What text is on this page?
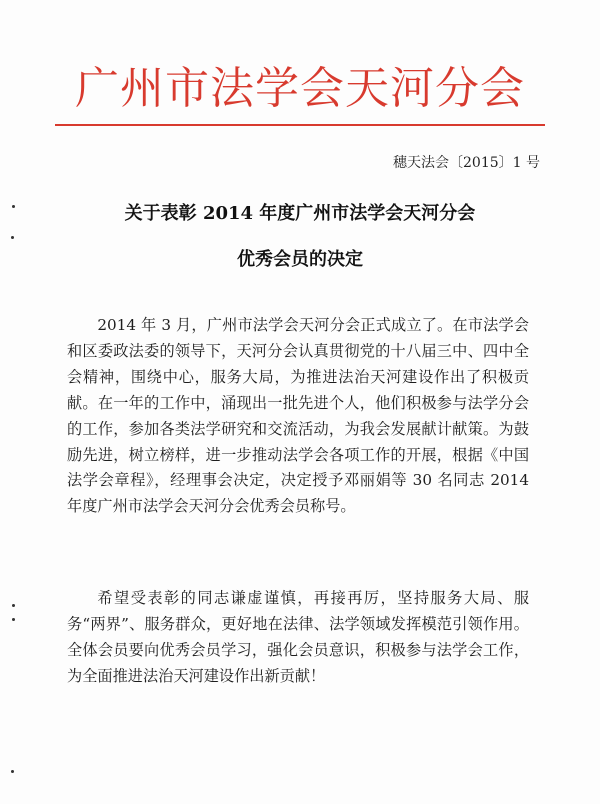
广州市法学会天河分会
穗天法会〔2015〕1 号
关于表彰 2014 年度广州市法学会天河分会
优秀会员的决定
2014 年 3 月，广州市法学会天河分会正式成立了。在市法学会和区委政法委的领导下，天河分会认真贯彻党的十八届三中、四中全会精神，围绕中心，服务大局，为推进法治天河建设作出了积极贡献。在一年的工作中，涌现出一批先进个人，他们积极参与法学分会的工作，参加各类法学研究和交流活动，为我会发展献计献策。为鼓励先进，树立榜样，进一步推动法学会各项工作的开展，根据《中国法学会章程》，经理事会决定，决定授予邓丽娟等 30 名同志 2014 年度广州市法学会天河分会优秀会员称号。
希望受表彰的同志谦虚谨慎，再接再厉，坚持服务大局、服务“两界”、服务群众，更好地在法律、法学领域发挥模范引领作用。全体会员要向优秀会员学习，强化会员意识，积极参与法学会工作，为全面推进法治天河建设作出新贡献！
